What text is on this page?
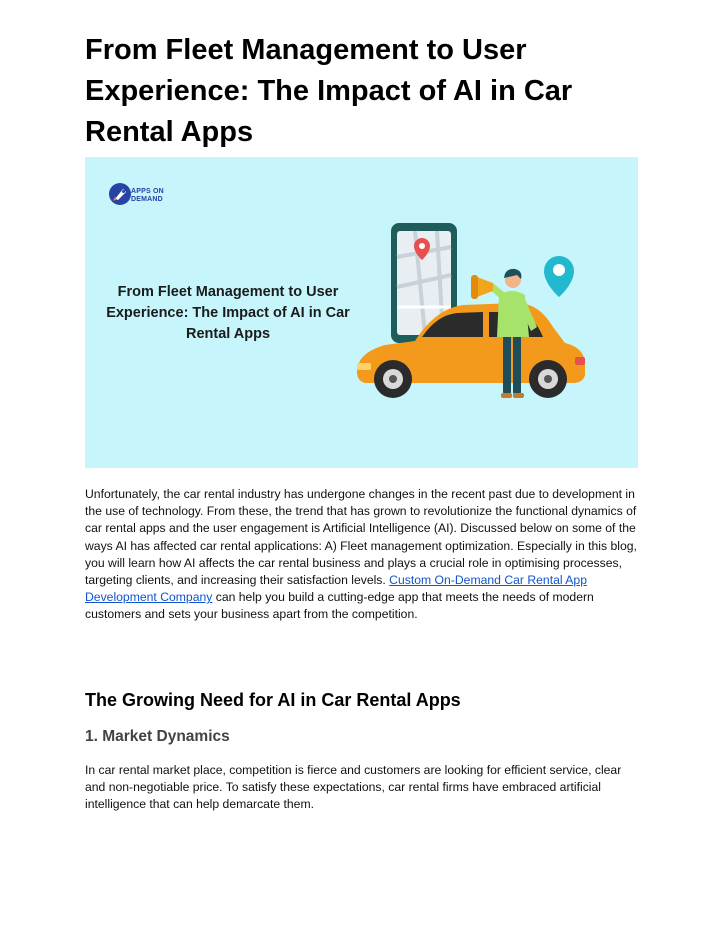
From Fleet Management to User Experience: The Impact of AI in Car Rental Apps
APPS ON
DEMAND
From Fleet Management to User Experience: The Impact of AI in Car Rental Apps

Unfortunately, the car rental industry has undergone changes in the recent past due to development in the use of technology. From these, the trend that has grown to revolutionize the functional dynamics of car rental apps and the user engagement is Artificial Intelligence (AI). Discussed below on some of the ways AI has affected car rental applications: A) Fleet management optimization. Especially in this blog, you will learn how AI affects the car rental business and plays a crucial role in optimising processes, targeting clients, and increasing their satisfaction levels. Custom On-Demand Car Rental App Development Company can help you build a cutting-edge app that meets the needs of modern customers and sets your business apart from the competition.

The Growing Need for AI in Car Rental Apps
1. Market Dynamics

In car rental market place, competition is fierce and customers are looking for efficient service, clear and non-negotiable price. To satisfy these expectations, car rental firms have embraced artificial intelligence that can help demarcate them.
